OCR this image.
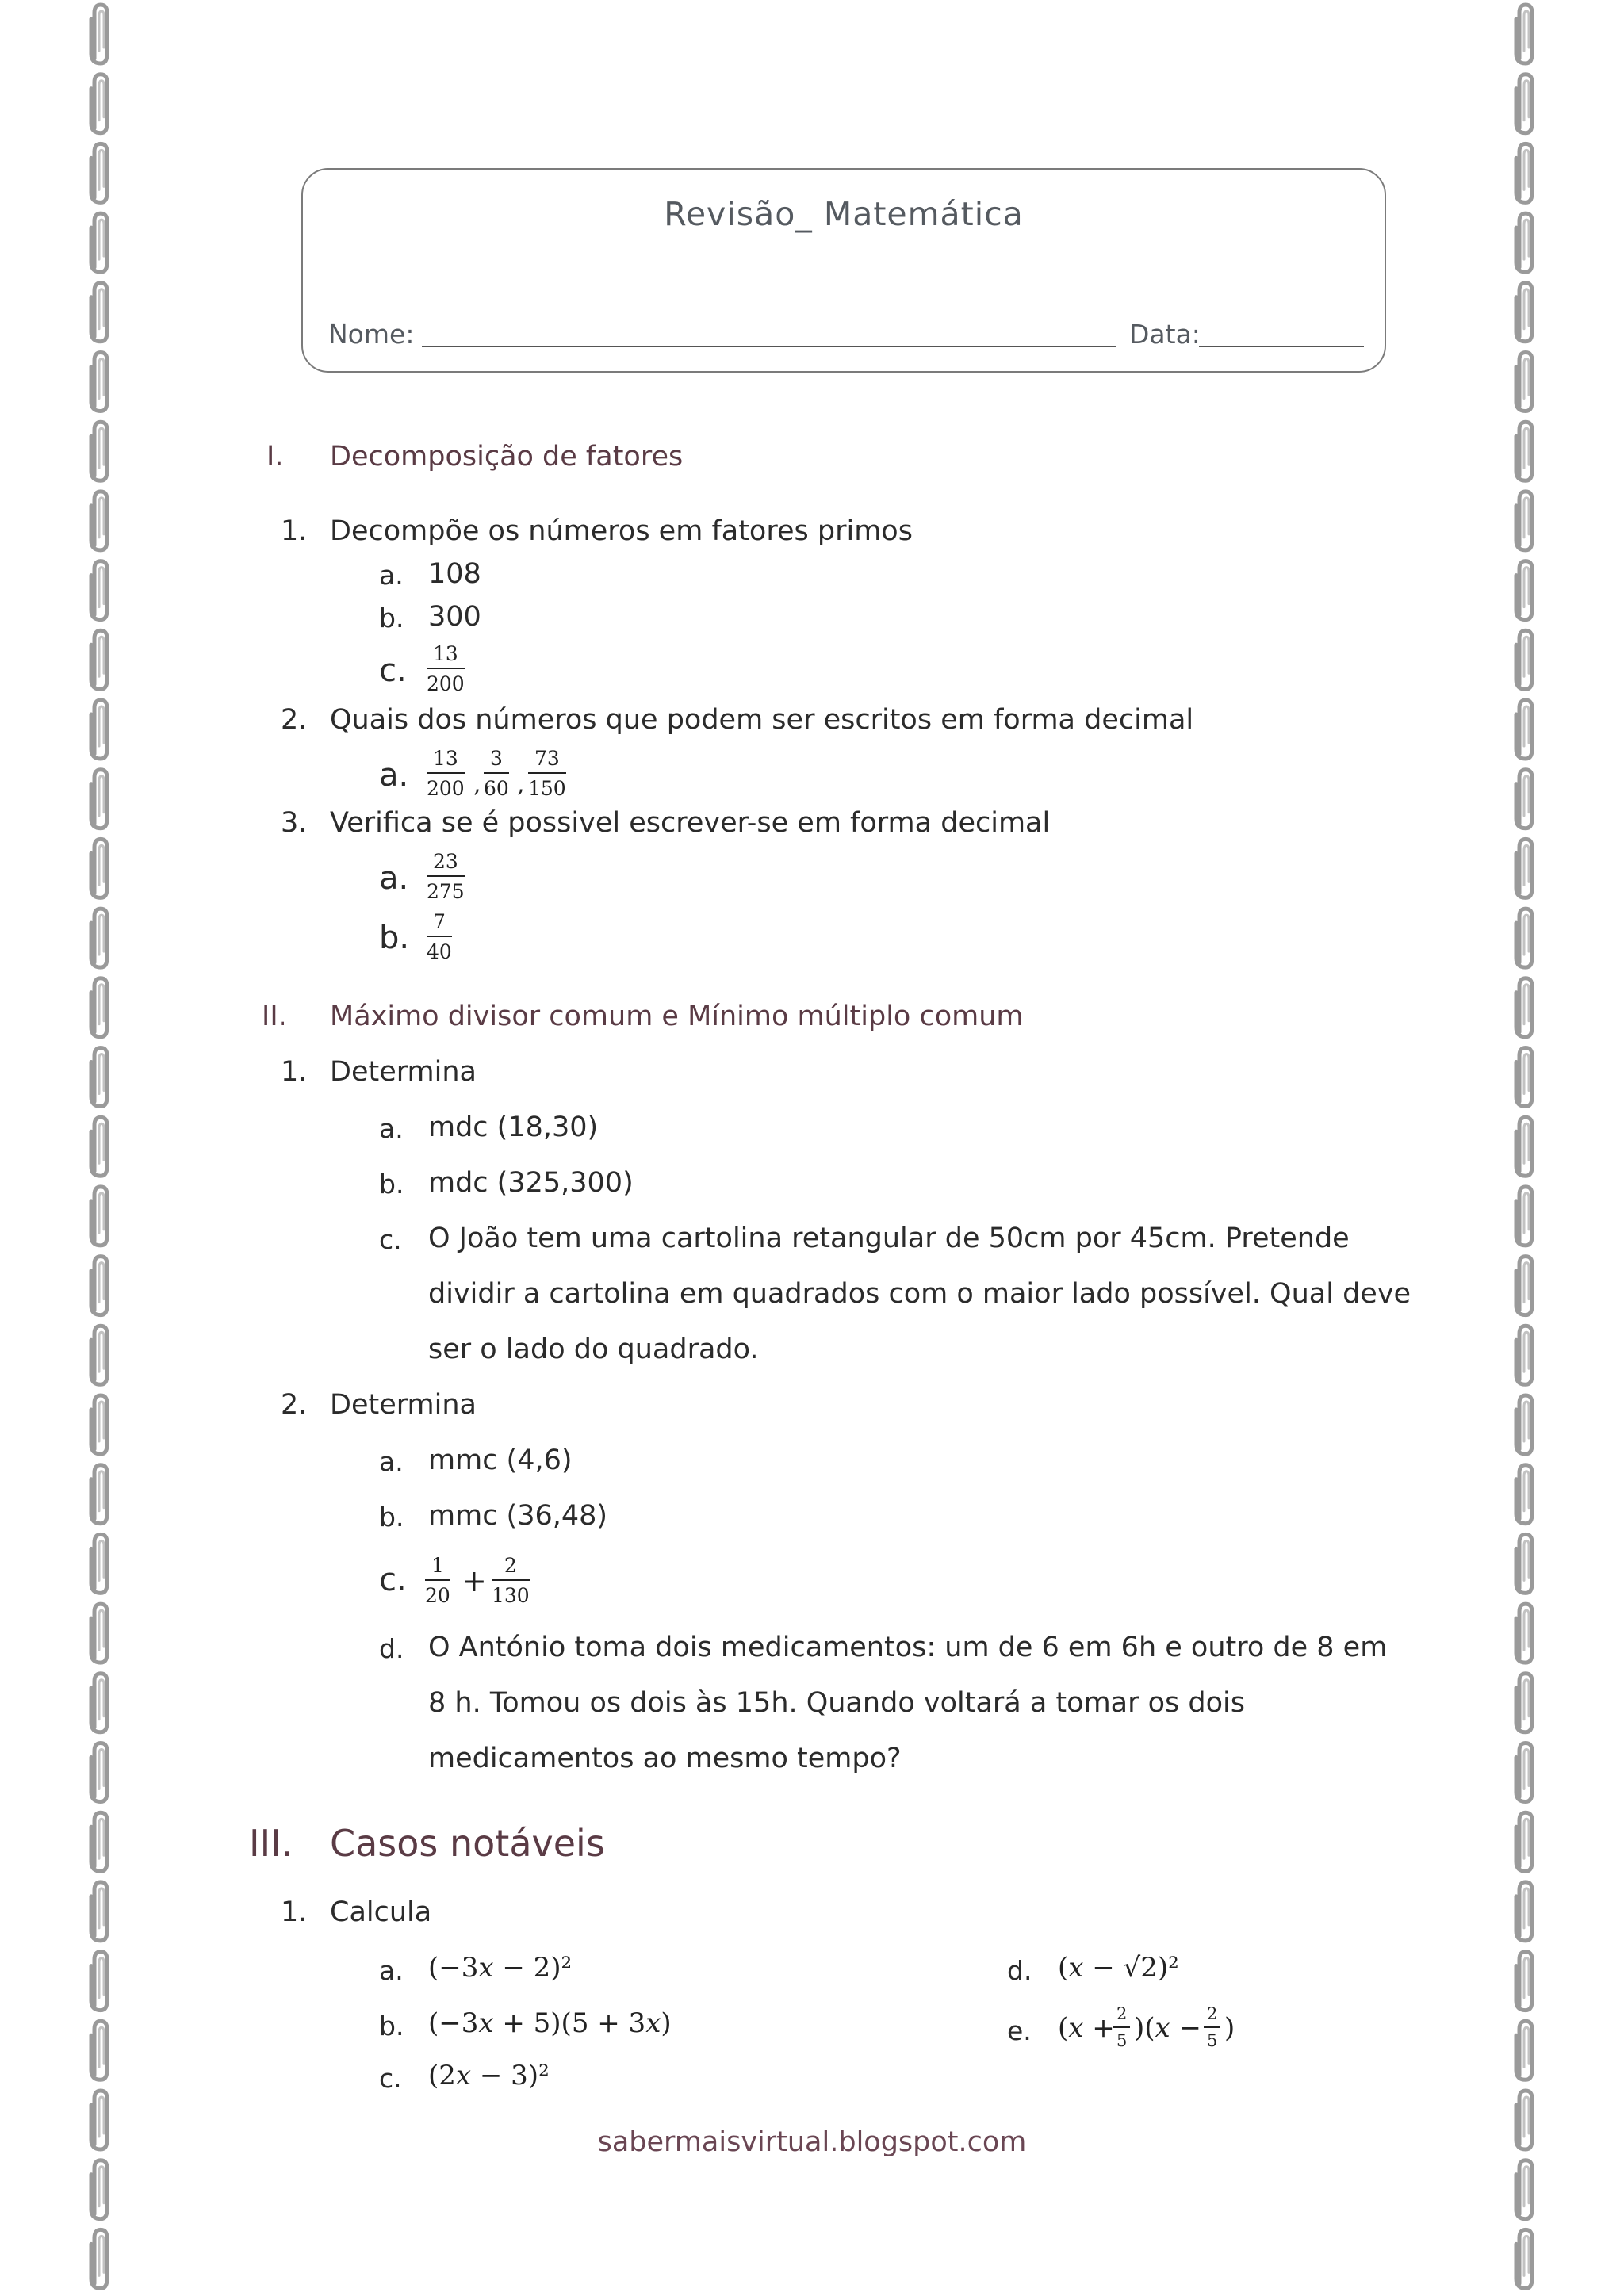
Revisão_ Matemática
Nome:	Data:
I. Decomposição de fatores
1. Decompõe os números em fatores primos
a. 108
b. 300
c. $\frac{13}{200}$
2. Quais dos números que podem ser escritos em forma decimal
a. $\frac{13}{200}$ , $\frac{3}{60}$ , $\frac{73}{150}$
3. Verifica se é possivel escrever-se em forma decimal
a. $\frac{23}{275}$
b. $\frac{7}{40}$
II. Máximo divisor comum e Mínimo múltiplo comum
1. Determina
a. mdc (18,30)
b. mdc (325,300)
c. O João tem uma cartolina retangular de 50cm por 45cm. Pretende
dividir a cartolina em quadrados com o maior lado possível. Qual deve
ser o lado do quadrado.
2. Determina
a. mmc (4,6)
b. mmc (36,48)
c. $\frac{1}{20} + \frac{2}{130}$
d. O António toma dois medicamentos: um de 6 em 6h e outro de 8 em
8 h. Tomou os dois às 15h. Quando voltará a tomar os dois
medicamentos ao mesmo tempo?
III. Casos notáveis
1. Calcula
a. (−3𝑥 − 2)²
b. (−3𝑥 + 5)(5 + 3𝑥)
c. (2𝑥 − 3)²
d. (𝑥 − √2)²
e. (𝑥 +
$\frac{2}{5}$ )(𝑥 − $\frac{2}{5}$ )
sabermaisvirtual.blogspot.com
